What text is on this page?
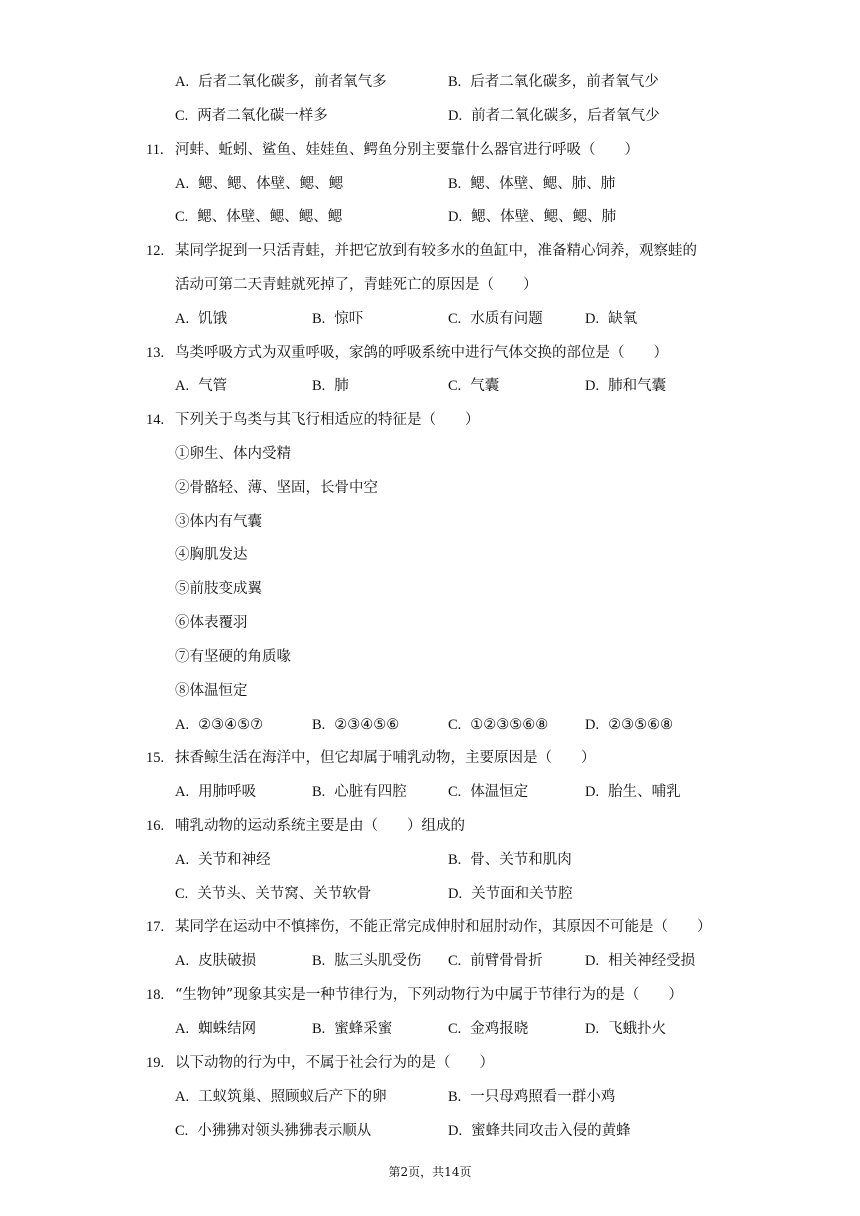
A. 后者二氧化碳多，前者氧气多	B. 后者二氧化碳多，前者氧气少
C. 两者二氧化碳一样多	D. 前者二氧化碳多，后者氧气少
11. 河蚌、蚯蚓、鲨鱼、娃娃鱼、鳄鱼分别主要靠什么器官进行呼吸（　　）
A. 鳃、鳃、体壁、鳃、鳃	B. 鳃、体壁、鳃、肺、肺
C. 鳃、体壁、鳃、鳃、鳃	D. 鳃、体壁、鳃、鳃、肺
12. 某同学捉到一只活青蛙，并把它放到有较多水的鱼缸中，准备精心饲养，观察蛙的
活动可第二天青蛙就死掉了，青蛙死亡的原因是（　　）
A. 饥饿	B. 惊吓	C. 水质有问题	D. 缺氧
13. 鸟类呼吸方式为双重呼吸，家鸽的呼吸系统中进行气体交换的部位是（　　）
A. 气管	B. 肺	C. 气囊	D. 肺和气囊
14. 下列关于鸟类与其飞行相适应的特征是（　　）
①卵生、体内受精
②骨骼轻、薄、坚固，长骨中空
③体内有气囊
④胸肌发达
⑤前肢变成翼
⑥体表覆羽
⑦有坚硬的角质喙
⑧体温恒定
A. ②③④⑤⑦	B. ②③④⑤⑥	C. ①②③⑤⑥⑧	D. ②③⑤⑥⑧
15. 抹香鲸生活在海洋中，但它却属于哺乳动物，主要原因是（　　）
A. 用肺呼吸	B. 心脏有四腔	C. 体温恒定	D. 胎生、哺乳
16. 哺乳动物的运动系统主要是由（　　）组成的
A. 关节和神经	B. 骨、关节和肌肉
C. 关节头、关节窝、关节软骨	D. 关节面和关节腔
17. 某同学在运动中不慎摔伤，不能正常完成伸肘和屈肘动作，其原因不可能是（　　）
A. 皮肤破损	B. 肱三头肌受伤 C. 前臂骨骨折	D. 相关神经受损
18. “生物钟”现象其实是一种节律行为，下列动物行为中属于节律行为的是（　　）
A. 蜘蛛结网	B. 蜜蜂采蜜	C. 金鸡报晓	D. 飞蛾扑火
19. 以下动物的行为中，不属于社会行为的是（　　）
A. 工蚁筑巢、照顾蚁后产下的卵	B. 一只母鸡照看一群小鸡
C. 小狒狒对领头狒狒表示顺从	D. 蜜蜂共同攻击入侵的黄蜂
第2页，共14页
